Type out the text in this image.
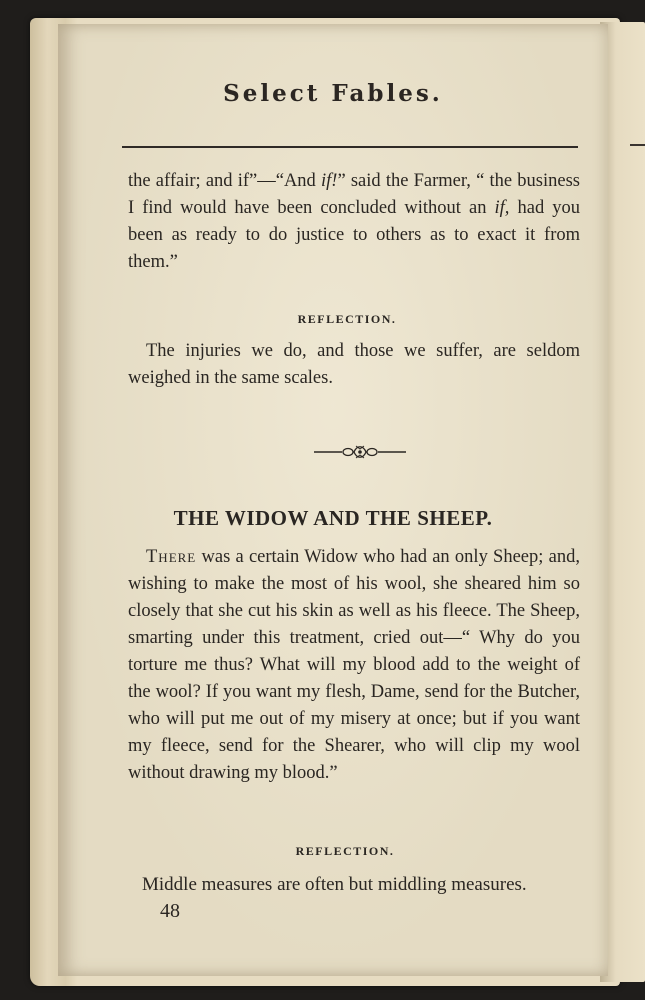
Select Fables.
the affair; and if”—“And if!” said the Farmer, “ the business I find would have been concluded without an if, had you been as ready to do justice to others as to exact it from them.”
REFLECTION.
The injuries we do, and those we suffer, are seldom weighed in the same scales.
THE WIDOW AND THE SHEEP.
There was a certain Widow who had an only Sheep; and, wishing to make the most of his wool, she sheared him so closely that she cut his skin as well as his fleece. The Sheep, smarting under this treatment, cried out—“ Why do you torture me thus? What will my blood add to the weight of the wool? If you want my flesh, Dame, send for the Butcher, who will put me out of my misery at once; but if you want my fleece, send for the Shearer, who will clip my wool without drawing my blood.”
REFLECTION.
Middle measures are often but middling measures.
48
